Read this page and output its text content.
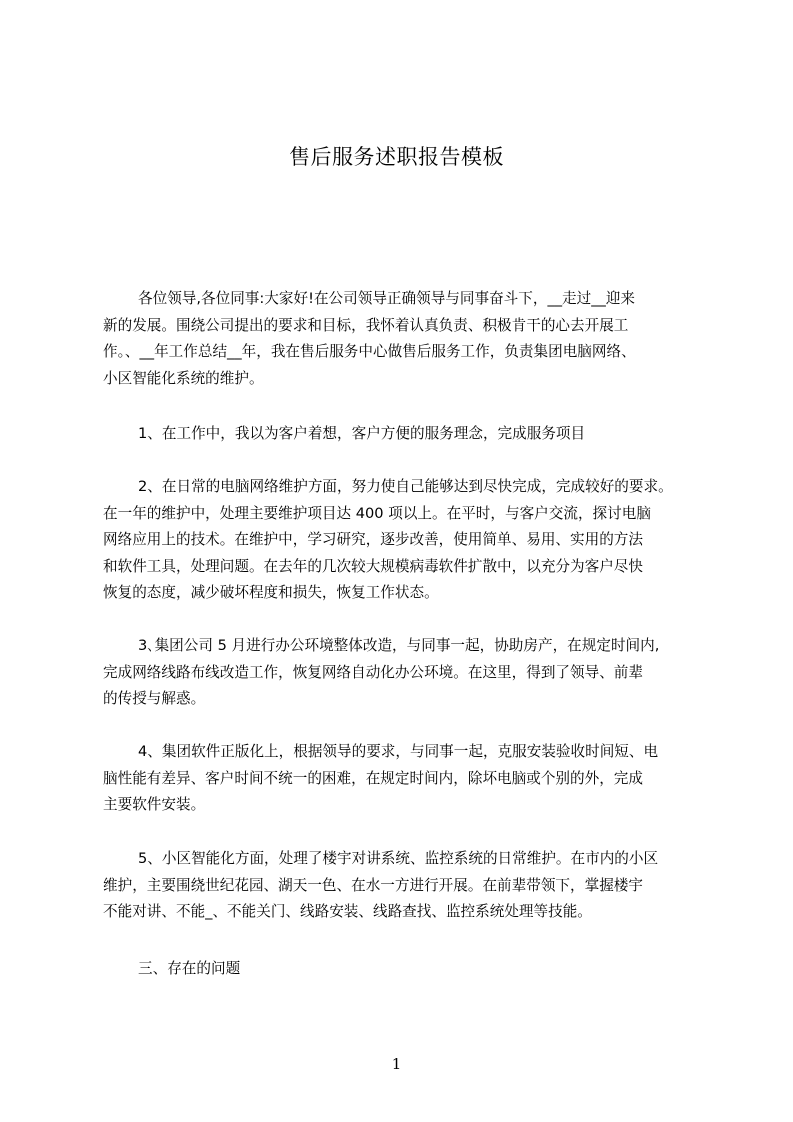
售后服务述职报告模板
各位领导,各位同事:大家好!在公司领导正确领导与同事奋斗下，__走过__迎来
新的发展。围绕公司提出的要求和目标，我怀着认真负责、积极肯干的心去开展工
作。、__年工作总结__年，我在售后服务中心做售后服务工作，负责集团电脑网络、
小区智能化系统的维护。
1、在工作中，我以为客户着想，客户方便的服务理念，完成服务项目
2、在日常的电脑网络维护方面，努力使自己能够达到尽快完成，完成较好的要求。
在一年的维护中，处理主要维护项目达 400 项以上。在平时，与客户交流，探讨电脑
网络应用上的技术。在维护中，学习研究，逐步改善，使用简单、易用、实用的方法
和软件工具，处理问题。在去年的几次较大规模病毒软件扩散中，以充分为客户尽快
恢复的态度，减少破坏程度和损失，恢复工作状态。
3､集团公司 5 月进行办公环境整体改造，与同事一起，协助房产，在规定时间内,
完成网络线路布线改造工作，恢复网络自动化办公环境。在这里，得到了领导、前辈
的传授与解惑。
4、集团软件正版化上，根据领导的要求，与同事一起，克服安装验收时间短、电
脑性能有差异、客户时间不统一的困难，在规定时间内，除坏电脑或个别的外，完成
主要软件安装。
5、小区智能化方面，处理了楼宇对讲系统、监控系统的日常维护。在市内的小区
维护，主要围绕世纪花园、湖天一色、在水一方进行开展。在前辈带领下，掌握楼宇
不能对讲、不能_、不能关门、线路安装、线路查找、监控系统处理等技能。
三、存在的问题
1
